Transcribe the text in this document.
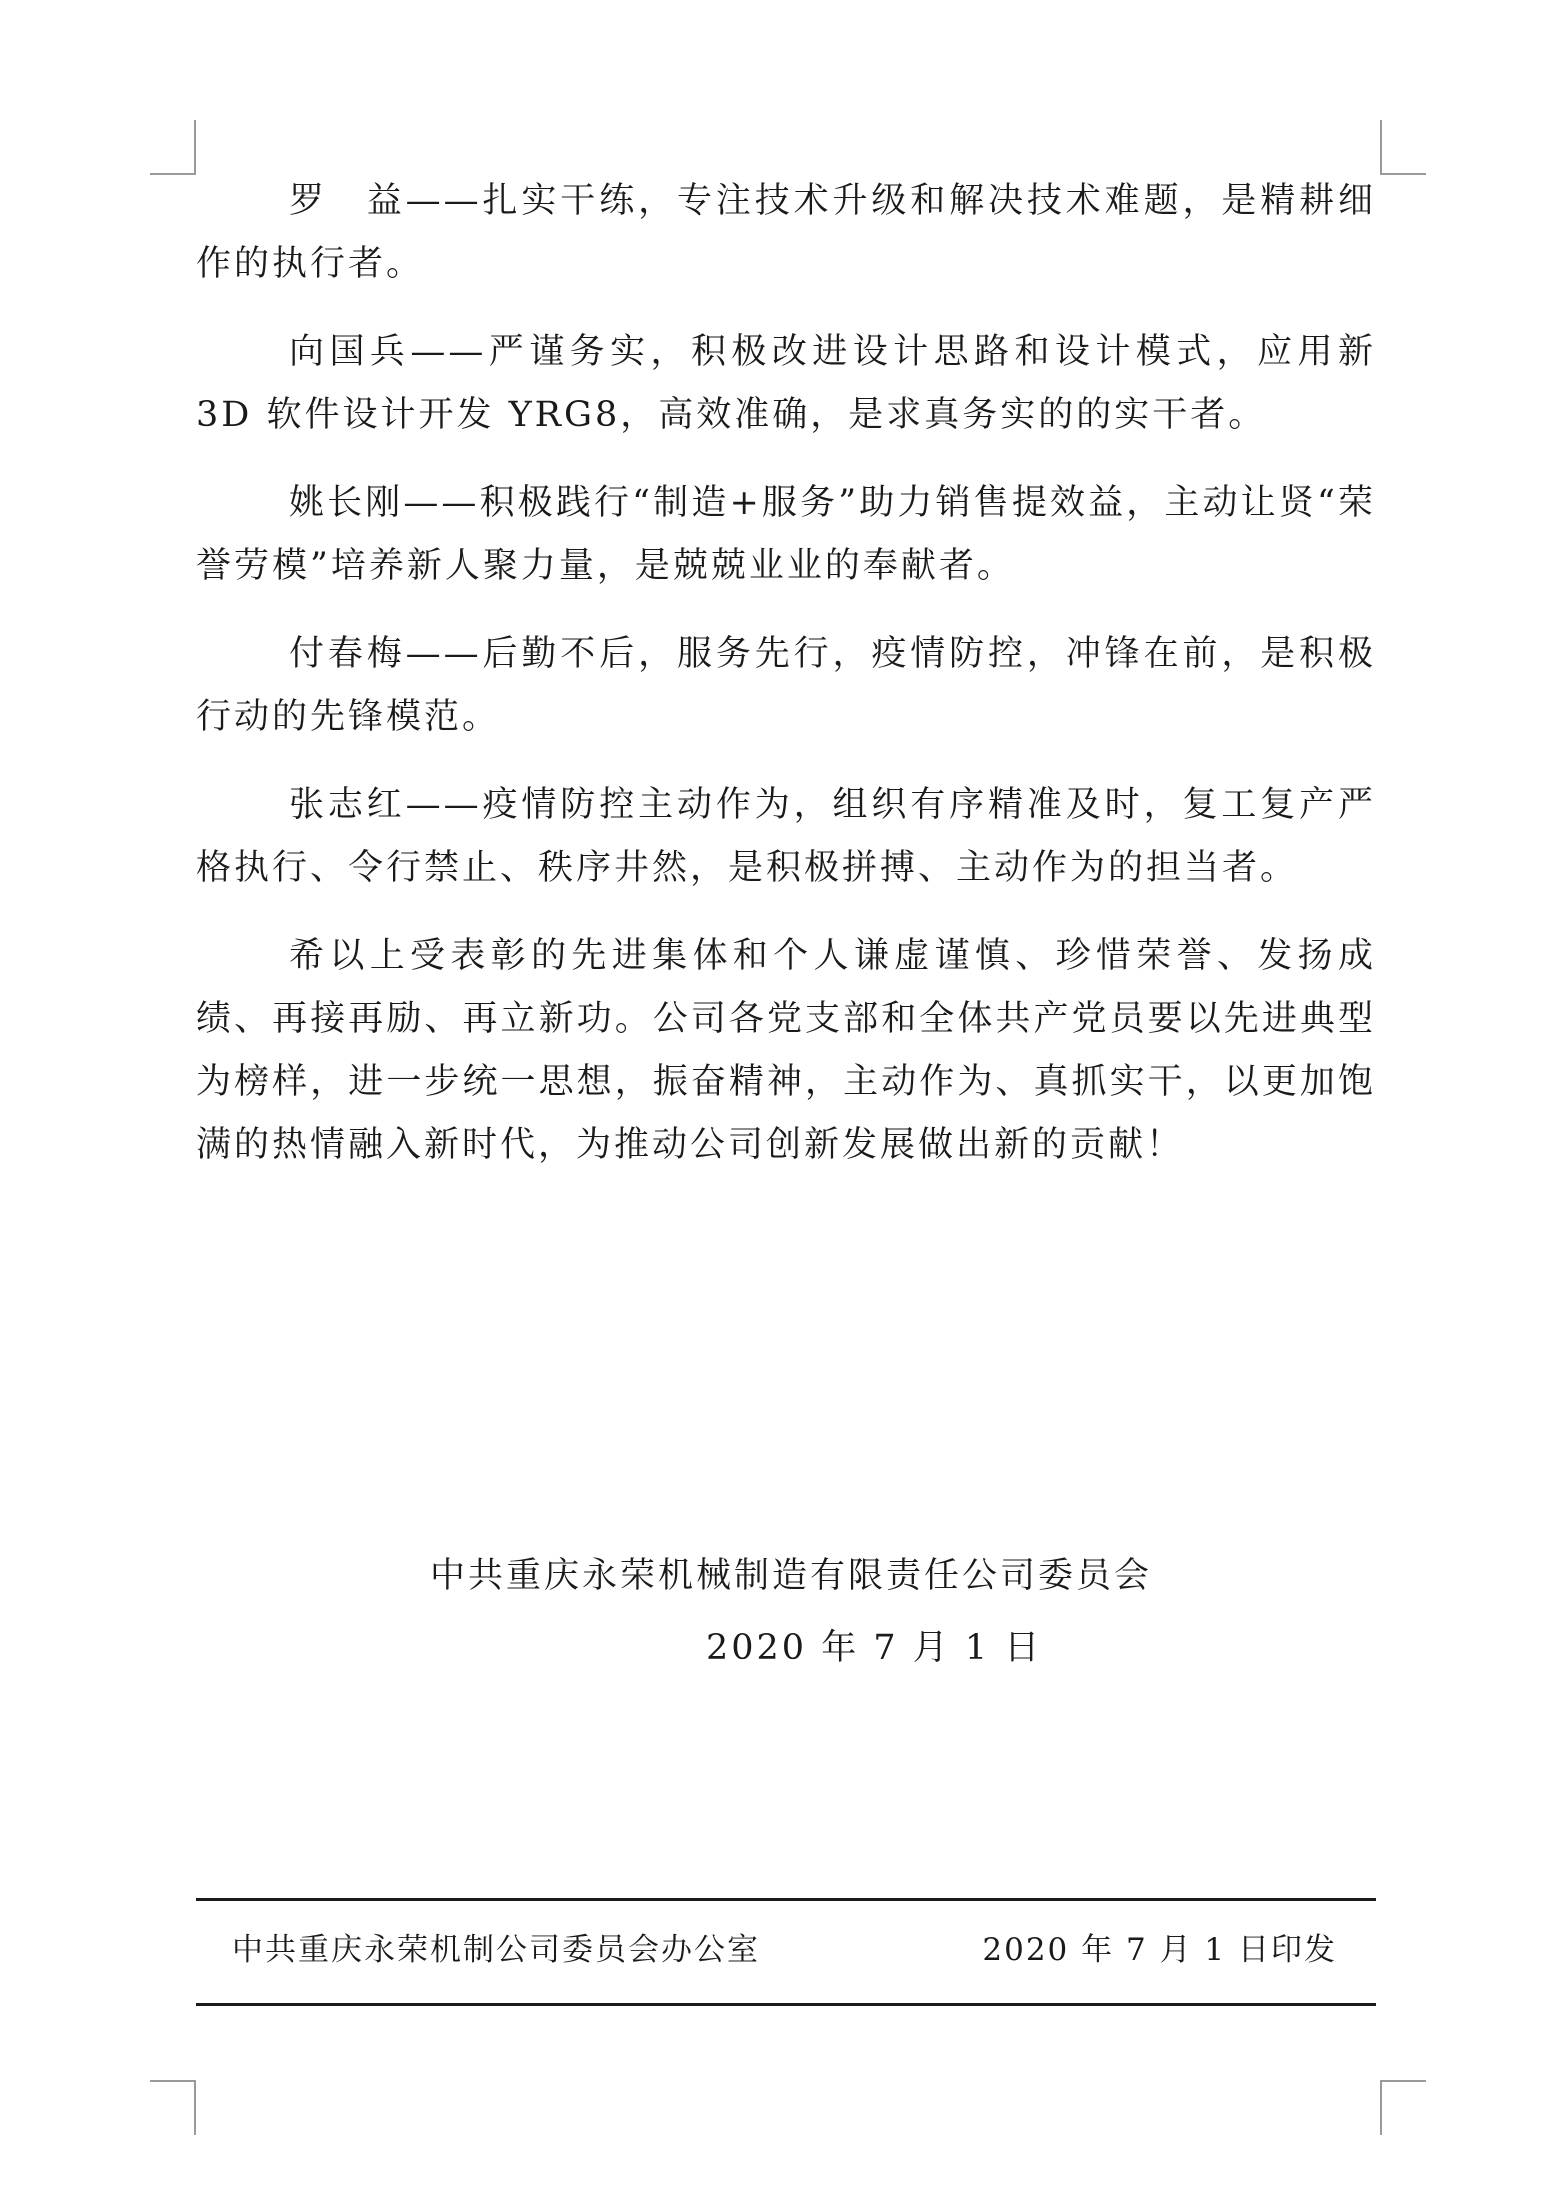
罗　益——扎实干练，专注技术升级和解决技术难题，是精耕细作的执行者。

向国兵——严谨务实，积极改进设计思路和设计模式，应用新 3D 软件设计开发 YRG8，高效准确，是求真务实的的实干者。

姚长刚——积极践行“制造+服务”助力销售提效益，主动让贤“荣誉劳模”培养新人聚力量，是兢兢业业的奉献者。

付春梅——后勤不后，服务先行，疫情防控，冲锋在前，是积极行动的先锋模范。

张志红——疫情防控主动作为，组织有序精准及时，复工复产严格执行、令行禁止、秩序井然，是积极拼搏、主动作为的担当者。

希以上受表彰的先进集体和个人谦虚谨慎、珍惜荣誉、发扬成绩、再接再励、再立新功。公司各党支部和全体共产党员要以先进典型为榜样，进一步统一思想，振奋精神，主动作为、真抓实干，以更加饱满的热情融入新时代，为推动公司创新发展做出新的贡献！

中共重庆永荣机械制造有限责任公司委员会
2020 年 7 月 1 日
中共重庆永荣机制公司委员会办公室	2020 年 7 月 1 日印发
